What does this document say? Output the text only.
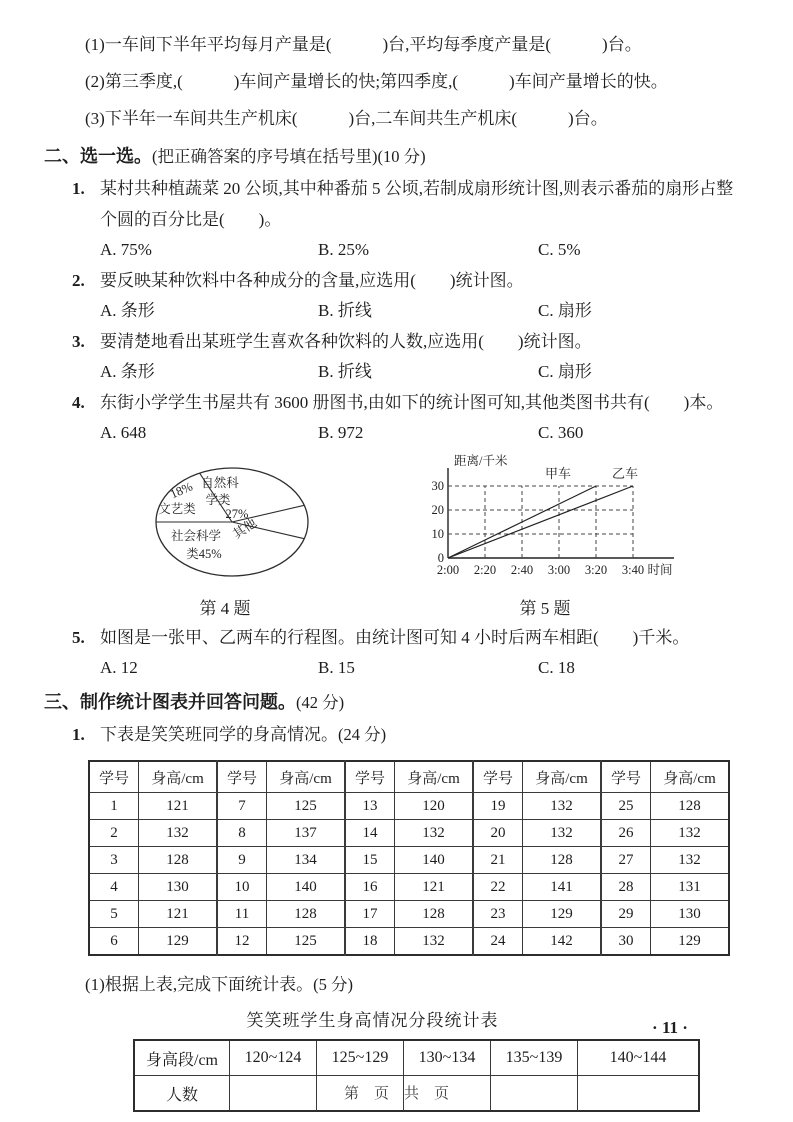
(1)一车间下半年平均每月产量是(　　　)台,平均每季度产量是(　　　)台。

(2)第三季度,(　　　)车间产量增长的快;第四季度,(　　　)车间产量增长的快。

(3)下半年一车间共生产机床(　　　)台,二车间共生产机床(　　　)台。

二、选一选。(把正确答案的序号填在括号里)(10 分)
1. 某村共种植蔬菜 20 公顷,其中种番茄 5 公顷,若制成扇形统计图,则表示番茄的扇形占整个圆的百分比是(　　)。
A. 75%	B. 25%	C. 5%
2. 要反映某种饮料中各种成分的含量,应选用(　　)统计图。
A. 条形	B. 折线	C. 扇形
3. 要清楚地看出某班学生喜欢各种饮料的人数,应选用(　　)统计图。
A. 条形	B. 折线	C. 扇形
4. 东街小学学生书屋共有 3600 册图书,由如下的统计图可知,其他类图书共有(　　)本。
A. 648	B. 972	C. 360
18%
文艺类
自然科
学类
27%
其他
社会科学
类45%
距离/千米
0
10
20
30
2:00 2:20 2:40 3:00 3:20 3:40 时间
甲车	乙车
第 4 题	第 5 题
5. 如图是一张甲、乙两车的行程图。由统计图可知 4 小时后两车相距(　　)千米。
A. 12	B. 15	C. 18
三、制作统计图表并回答问题。(42 分)
1. 下表是笑笑班同学的身高情况。(24 分)
学号	身高/cm	学号	身高/cm	学号	身高/cm	学号	身高/cm	学号	身高/cm
1	121	7	125	13	120	19	132	25	128
2	132	8	137	14	132	20	132	26	132
3	128	9	134	15	140	21	128	27	132
4	130	10	140	16	121	22	141	28	131
5	121	11	128	17	128	23	129	29	130
6	129	12	125	18	132	24	142	30	129
(1)根据上表,完成下面统计表。(5 分)
笑笑班学生身高情况分段统计表
身高段/cm	120~124	125~129	130~134	135~139	140~144
人数					
· 11 ·
第页共页
